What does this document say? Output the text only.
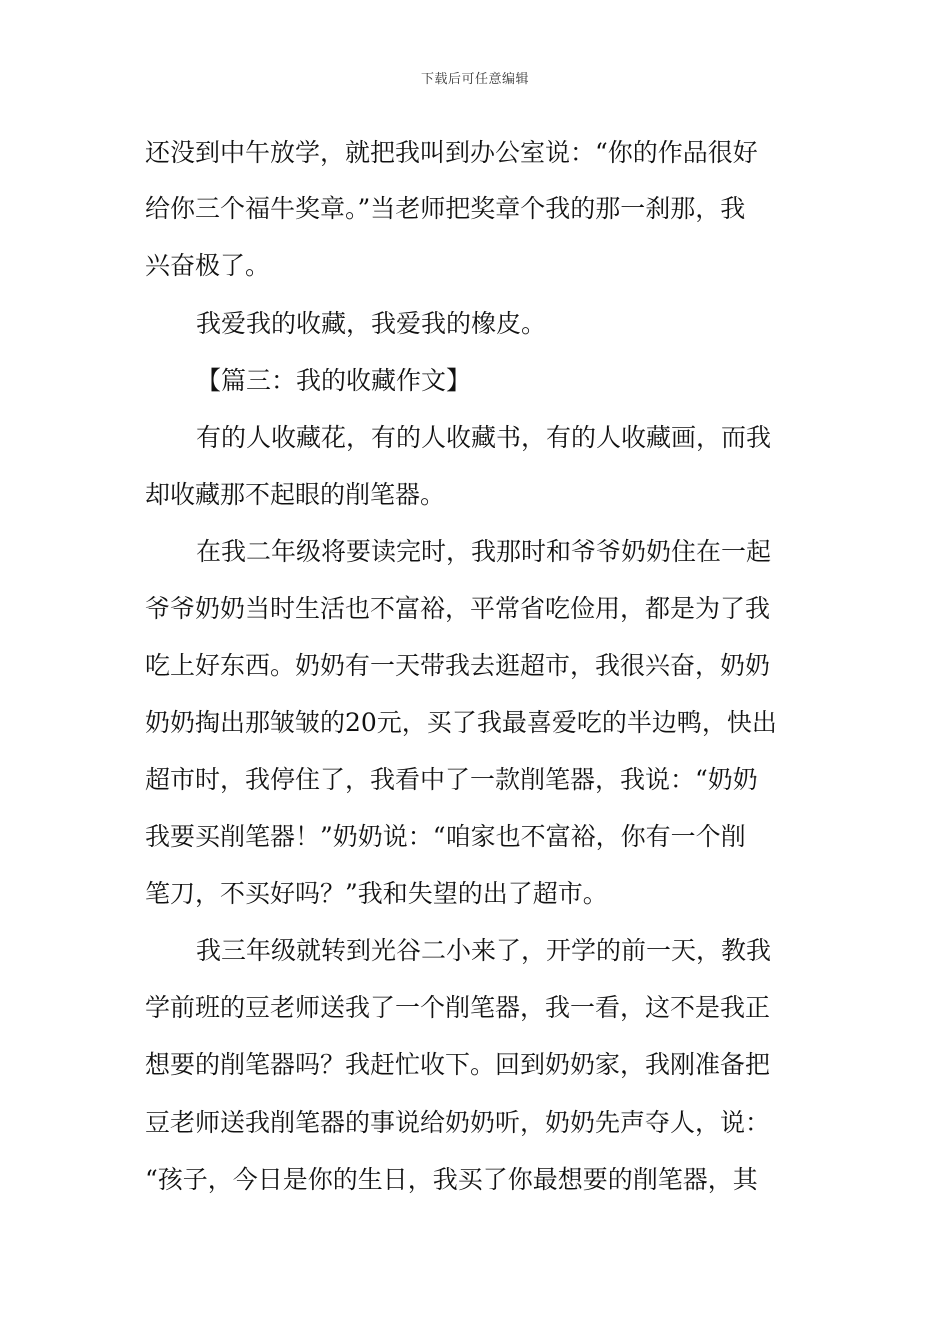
下载后可任意编辑
还没到中午放学，就把我叫到办公室说：“你的作品很好
给你三个福牛奖章。”当老师把奖章个我的那一刹那，我
兴奋极了。
我爱我的收藏，我爱我的橡皮。
【篇三：我的收藏作文】
有的人收藏花，有的人收藏书，有的人收藏画，而我
却收藏那不起眼的削笔器。
在我二年级将要读完时，我那时和爷爷奶奶住在一起
爷爷奶奶当时生活也不富裕，平常省吃俭用，都是为了我
吃上好东西。奶奶有一天带我去逛超市，我很兴奋，奶奶
奶奶掏出那皱皱的20元，买了我最喜爱吃的半边鸭，快出
超市时，我停住了，我看中了一款削笔器，我说：“奶奶
我要买削笔器！”奶奶说：“咱家也不富裕，你有一个削
笔刀，不买好吗？”我和失望的出了超市。
我三年级就转到光谷二小来了，开学的前一天，教我
学前班的豆老师送我了一个削笔器，我一看，这不是我正
想要的削笔器吗？我赶忙收下。回到奶奶家，我刚准备把
豆老师送我削笔器的事说给奶奶听，奶奶先声夺人，说：
“孩子，今日是你的生日，我买了你最想要的削笔器，其
